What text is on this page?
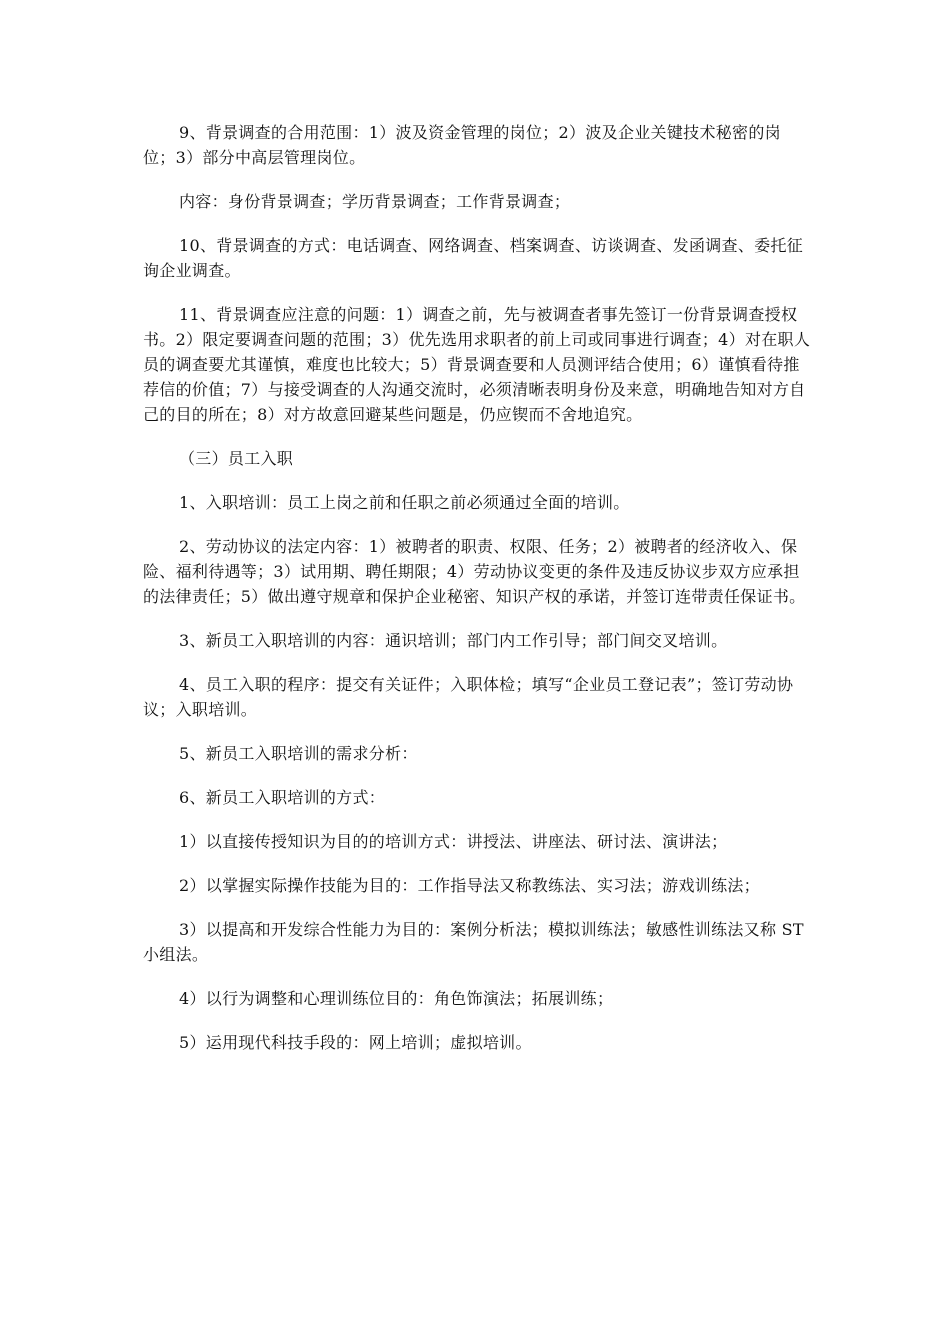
9、背景调查的合用范围：1）波及资金管理的岗位；2）波及企业关键技术秘密的岗位；3）部分中高层管理岗位。

内容：身份背景调查；学历背景调查；工作背景调查；

10、背景调查的方式：电话调查、网络调查、档案调查、访谈调查、发函调查、委托征询企业调查。

11、背景调查应注意的问题：1）调查之前，先与被调查者事先签订一份背景调查授权书。2）限定要调查问题的范围；3）优先选用求职者的前上司或同事进行调查；4）对在职人员的调查要尤其谨慎，难度也比较大；5）背景调查要和人员测评结合使用；6）谨慎看待推荐信的价值；7）与接受调查的人沟通交流时，必须清晰表明身份及来意，明确地告知对方自己的目的所在；8）对方故意回避某些问题是，仍应锲而不舍地追究。

（三）员工入职

1、入职培训：员工上岗之前和任职之前必须通过全面的培训。

2、劳动协议的法定内容：1）被聘者的职责、权限、任务；2）被聘者的经济收入、保险、福利待遇等；3）试用期、聘任期限；4）劳动协议变更的条件及违反协议步双方应承担的法律责任；5）做出遵守规章和保护企业秘密、知识产权的承诺，并签订连带责任保证书。

3、新员工入职培训的内容：通识培训；部门内工作引导；部门间交叉培训。

4、员工入职的程序：提交有关证件；入职体检；填写“企业员工登记表”；签订劳动协议；入职培训。

5、新员工入职培训的需求分析：

6、新员工入职培训的方式：

1）以直接传授知识为目的的培训方式：讲授法、讲座法、研讨法、演讲法；

2）以掌握实际操作技能为目的：工作指导法又称教练法、实习法；游戏训练法；

3）以提高和开发综合性能力为目的：案例分析法；模拟训练法；敏感性训练法又称 ST 小组法。

4）以行为调整和心理训练位目的：角色饰演法；拓展训练；

5）运用现代科技手段的：网上培训；虚拟培训。
